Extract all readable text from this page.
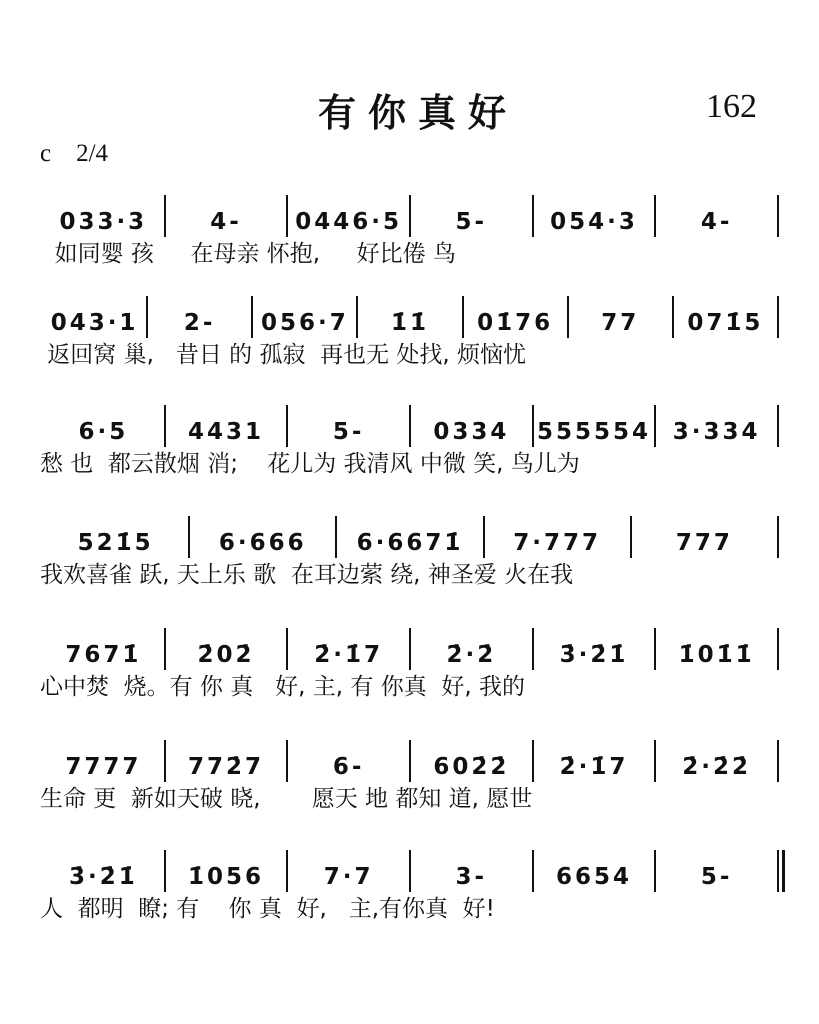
有你真好	162
c    2/4
033·3	4-	0446·5	5-	054·3	4-
如同婴 孩     在母亲 怀抱,     好比倦 鸟
043·1	2-	056·7	1̇1̇	01̇76	77	071̇5
返回窝 巢,   昔日 的 孤寂  再也无 处找, 烦恼忧
6·5	4431	5-	0334	555554 3·334
愁 也  都云散烟 消;    花儿为 我清风 中微 笑, 鸟儿为
521̇5	6·666	6·6671̇	7·777	777
我欢喜雀 跃, 天上乐 歌  在耳边萦 绕, 神圣爱 火在我
7671̇	2̇02̇	2̇·1̇7	2̇·2̇	3̇·2̇1̇	1̇01̇1̇
心中焚  烧。有 你 真   好, 主, 有 你真  好, 我的
7777	772̇7	6-	602̇2̇	2̇·1̇7	2̇·2̇2̇
生命 更  新如天破 晓,       愿天 地 都知 道, 愿世
3̇·2̇1̇	1̇056	7·7	3-	6654	5-
人  都明  瞭; 有    你 真  好,   主,有你真  好!
